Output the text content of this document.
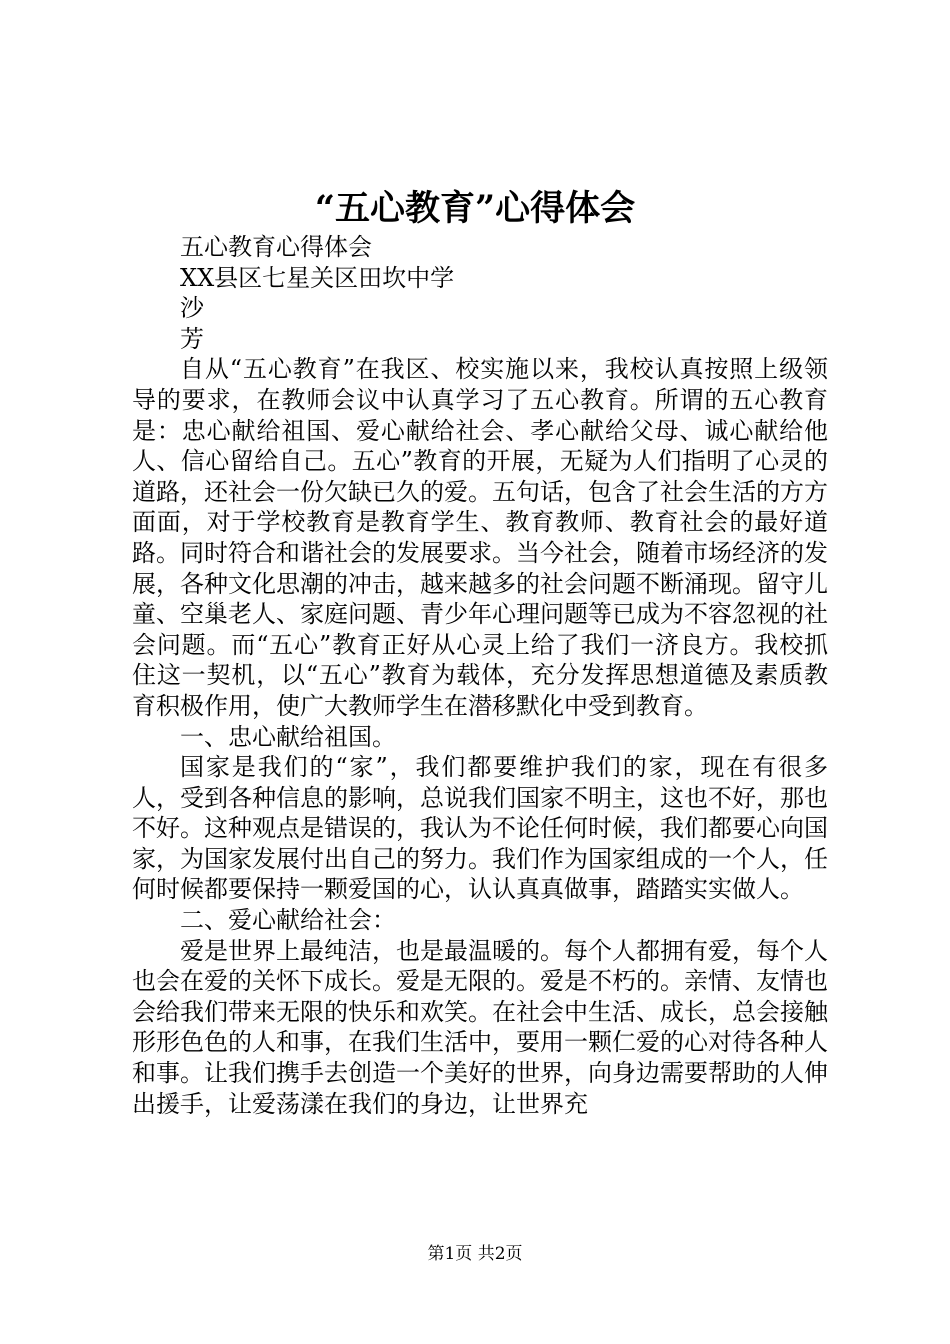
“五心教育”心得体会

五心教育心得体会

XX县区七星关区田坎中学

沙

芳

自从“五心教育”在我区、校实施以来，我校认真按照上级领导的要求，在教师会议中认真学习了五心教育。所谓的五心教育是：忠心献给祖国、爱心献给社会、孝心献给父母、诚心献给他人、信心留给自己。五心”教育的开展，无疑为人们指明了心灵的道路，还社会一份欠缺已久的爱。五句话，包含了社会生活的方方面面，对于学校教育是教育学生、教育教师、教育社会的最好道路。同时符合和谐社会的发展要求。当今社会，随着市场经济的发展，各种文化思潮的冲击，越来越多的社会问题不断涌现。留守儿童、空巢老人、家庭问题、青少年心理问题等已成为不容忽视的社会问题。而“五心”教育正好从心灵上给了我们一济良方。我校抓住这一契机，以“五心”教育为载体，充分发挥思想道德及素质教育积极作用，使广大教师学生在潜移默化中受到教育。

一、忠心献给祖国。

国家是我们的“家”，我们都要维护我们的家，现在有很多人，受到各种信息的影响，总说我们国家不明主，这也不好，那也不好。这种观点是错误的，我认为不论任何时候，我们都要心向国家，为国家发展付出自己的努力。我们作为国家组成的一个人，任何时候都要保持一颗爱国的心，认认真真做事，踏踏实实做人。

二、爱心献给社会：

爱是世界上最纯洁，也是最温暖的。每个人都拥有爱，每个人也会在爱的关怀下成长。爱是无限的。爱是不朽的。亲情、友情也会给我们带来无限的快乐和欢笑。在社会中生活、成长，总会接触形形色色的人和事，在我们生活中，要用一颗仁爱的心对待各种人和事。让我们携手去创造一个美好的世界，向身边需要帮助的人伸出援手，让爱荡漾在我们的身边，让世界充

第1页 共2页
